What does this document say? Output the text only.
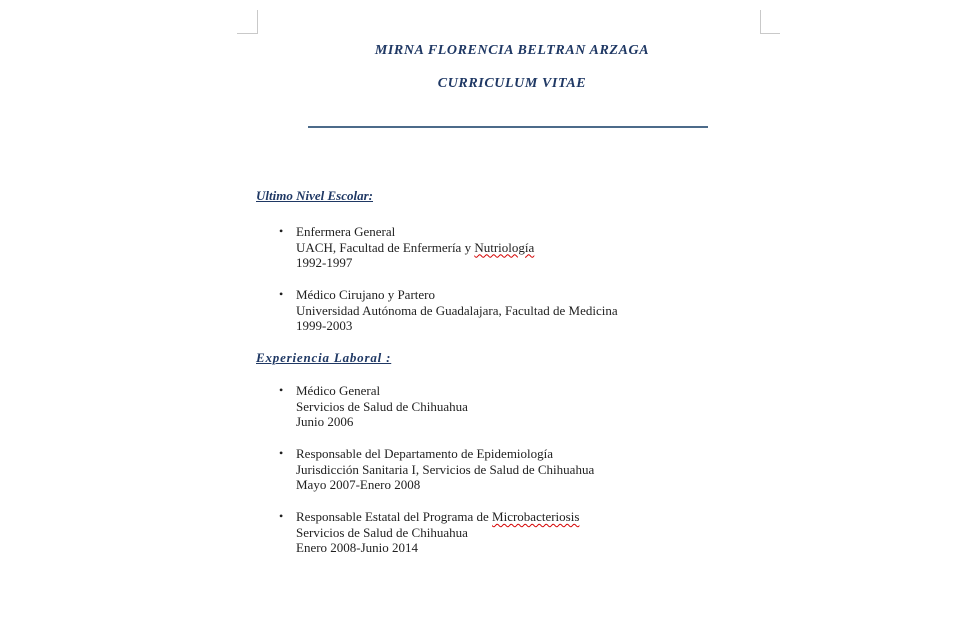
MIRNA FLORENCIA BELTRAN ARZAGA
CURRICULUM VITAE
Ultimo Nivel Escolar:
• Enfermera General
UACH, Facultad de Enfermería y Nutriología
1992-1997
• Médico Cirujano y Partero
Universidad Autónoma de Guadalajara, Facultad de Medicina
1999-2003
Experiencia Laboral :
• Médico General
Servicios de Salud de Chihuahua
Junio 2006
• Responsable del Departamento de Epidemiología
Jurisdicción Sanitaria I, Servicios de Salud de Chihuahua
Mayo 2007-Enero 2008
• Responsable Estatal del Programa de Microbacteriosis
Servicios de Salud de Chihuahua
Enero 2008-Junio 2014
